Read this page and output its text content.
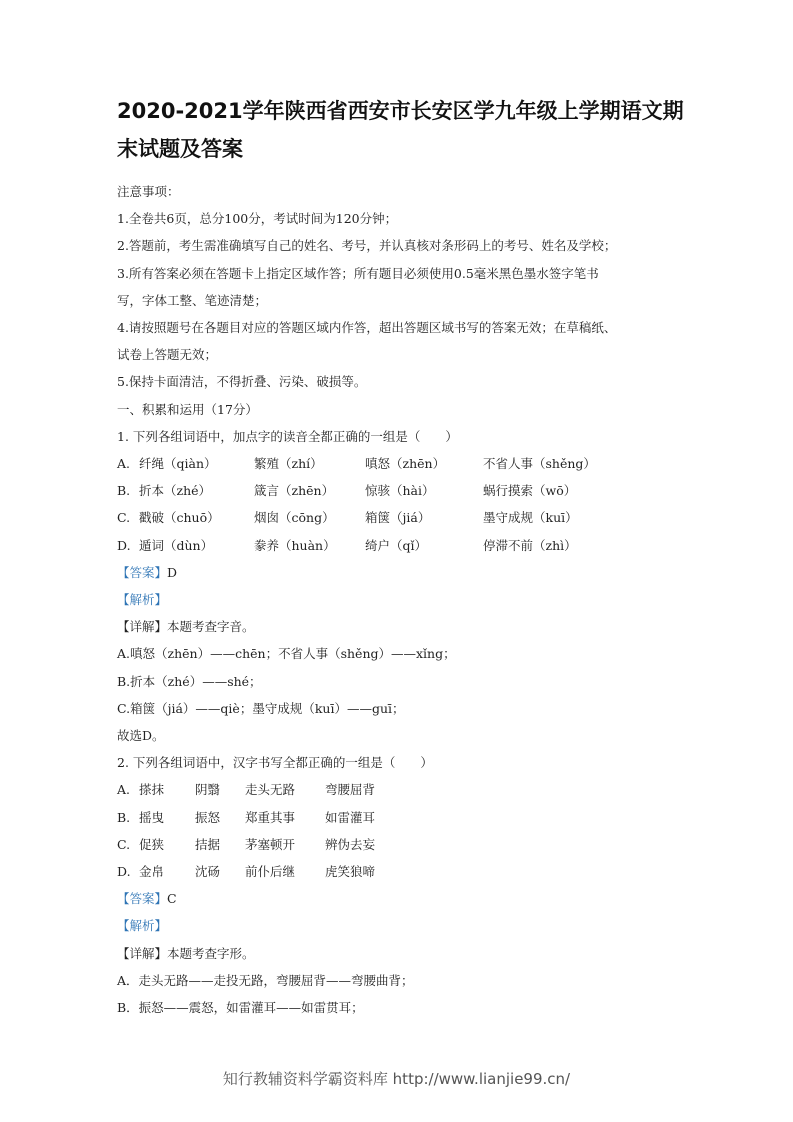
2020-2021学年陕西省西安市长安区学九年级上学期语文期
末试题及答案
注意事项：
1.全卷共6页，总分100分，考试时间为120分钟；
2.答题前，考生需准确填写自己的姓名、考号，并认真核对条形码上的考号、姓名及学校；
3.所有答案必须在答题卡上指定区域作答；所有题目必须使用0.5毫米黑色墨水签字笔书
写，字体工整、笔迹清楚；
4.请按照题号在各题目对应的答题区域内作答，超出答题区域书写的答案无效；在草稿纸、
试卷上答题无效；
5.保持卡面清洁，不得折叠、污染、破损等。
一、积累和运用（17分）
1. 下列各组词语中，加点字的读音全都正确的一组是（　　）
A. 纤绳（qiàn）	繁殖（zhí）	嗔怒（zhēn）	不省人事（shěng）
B. 折本（zhé）	箴言（zhēn）	惊骇（hài）	蜗行摸索（wō）
C. 戳破（chuō）	烟囱（cōng）	箱箧（jiá）	墨守成规（kuī）
D. 遁词（dùn）	豢养（huàn）	绮户（qǐ）	停滞不前（zhì）
【答案】D
【解析】
【详解】本题考查字音。
A.嗔怒（zhēn）——chēn；不省人事（shěng）——xǐng；
B.折本（zhé）——shé；
C.箱箧（jiá）——qiè；墨守成规（kuī）——guī；
故选D。
2. 下列各组词语中，汉字书写全都正确的一组是（　　）
A. 搽抹	阴翳	走头无路	弯腰屈背
B. 摇曳	振怒	郑重其事	如雷灌耳
C. 促狭	拮据	茅塞顿开	辨伪去妄
D. 金帛	沈砀	前仆后继	虎笑狼啼
【答案】C
【解析】
【详解】本题考查字形。
A．走头无路——走投无路，弯腰屈背——弯腰曲背；
B．振怒——震怒，如雷灌耳——如雷贯耳；
知行教辅资料学霸资料库 http://www.lianjie99.cn/
